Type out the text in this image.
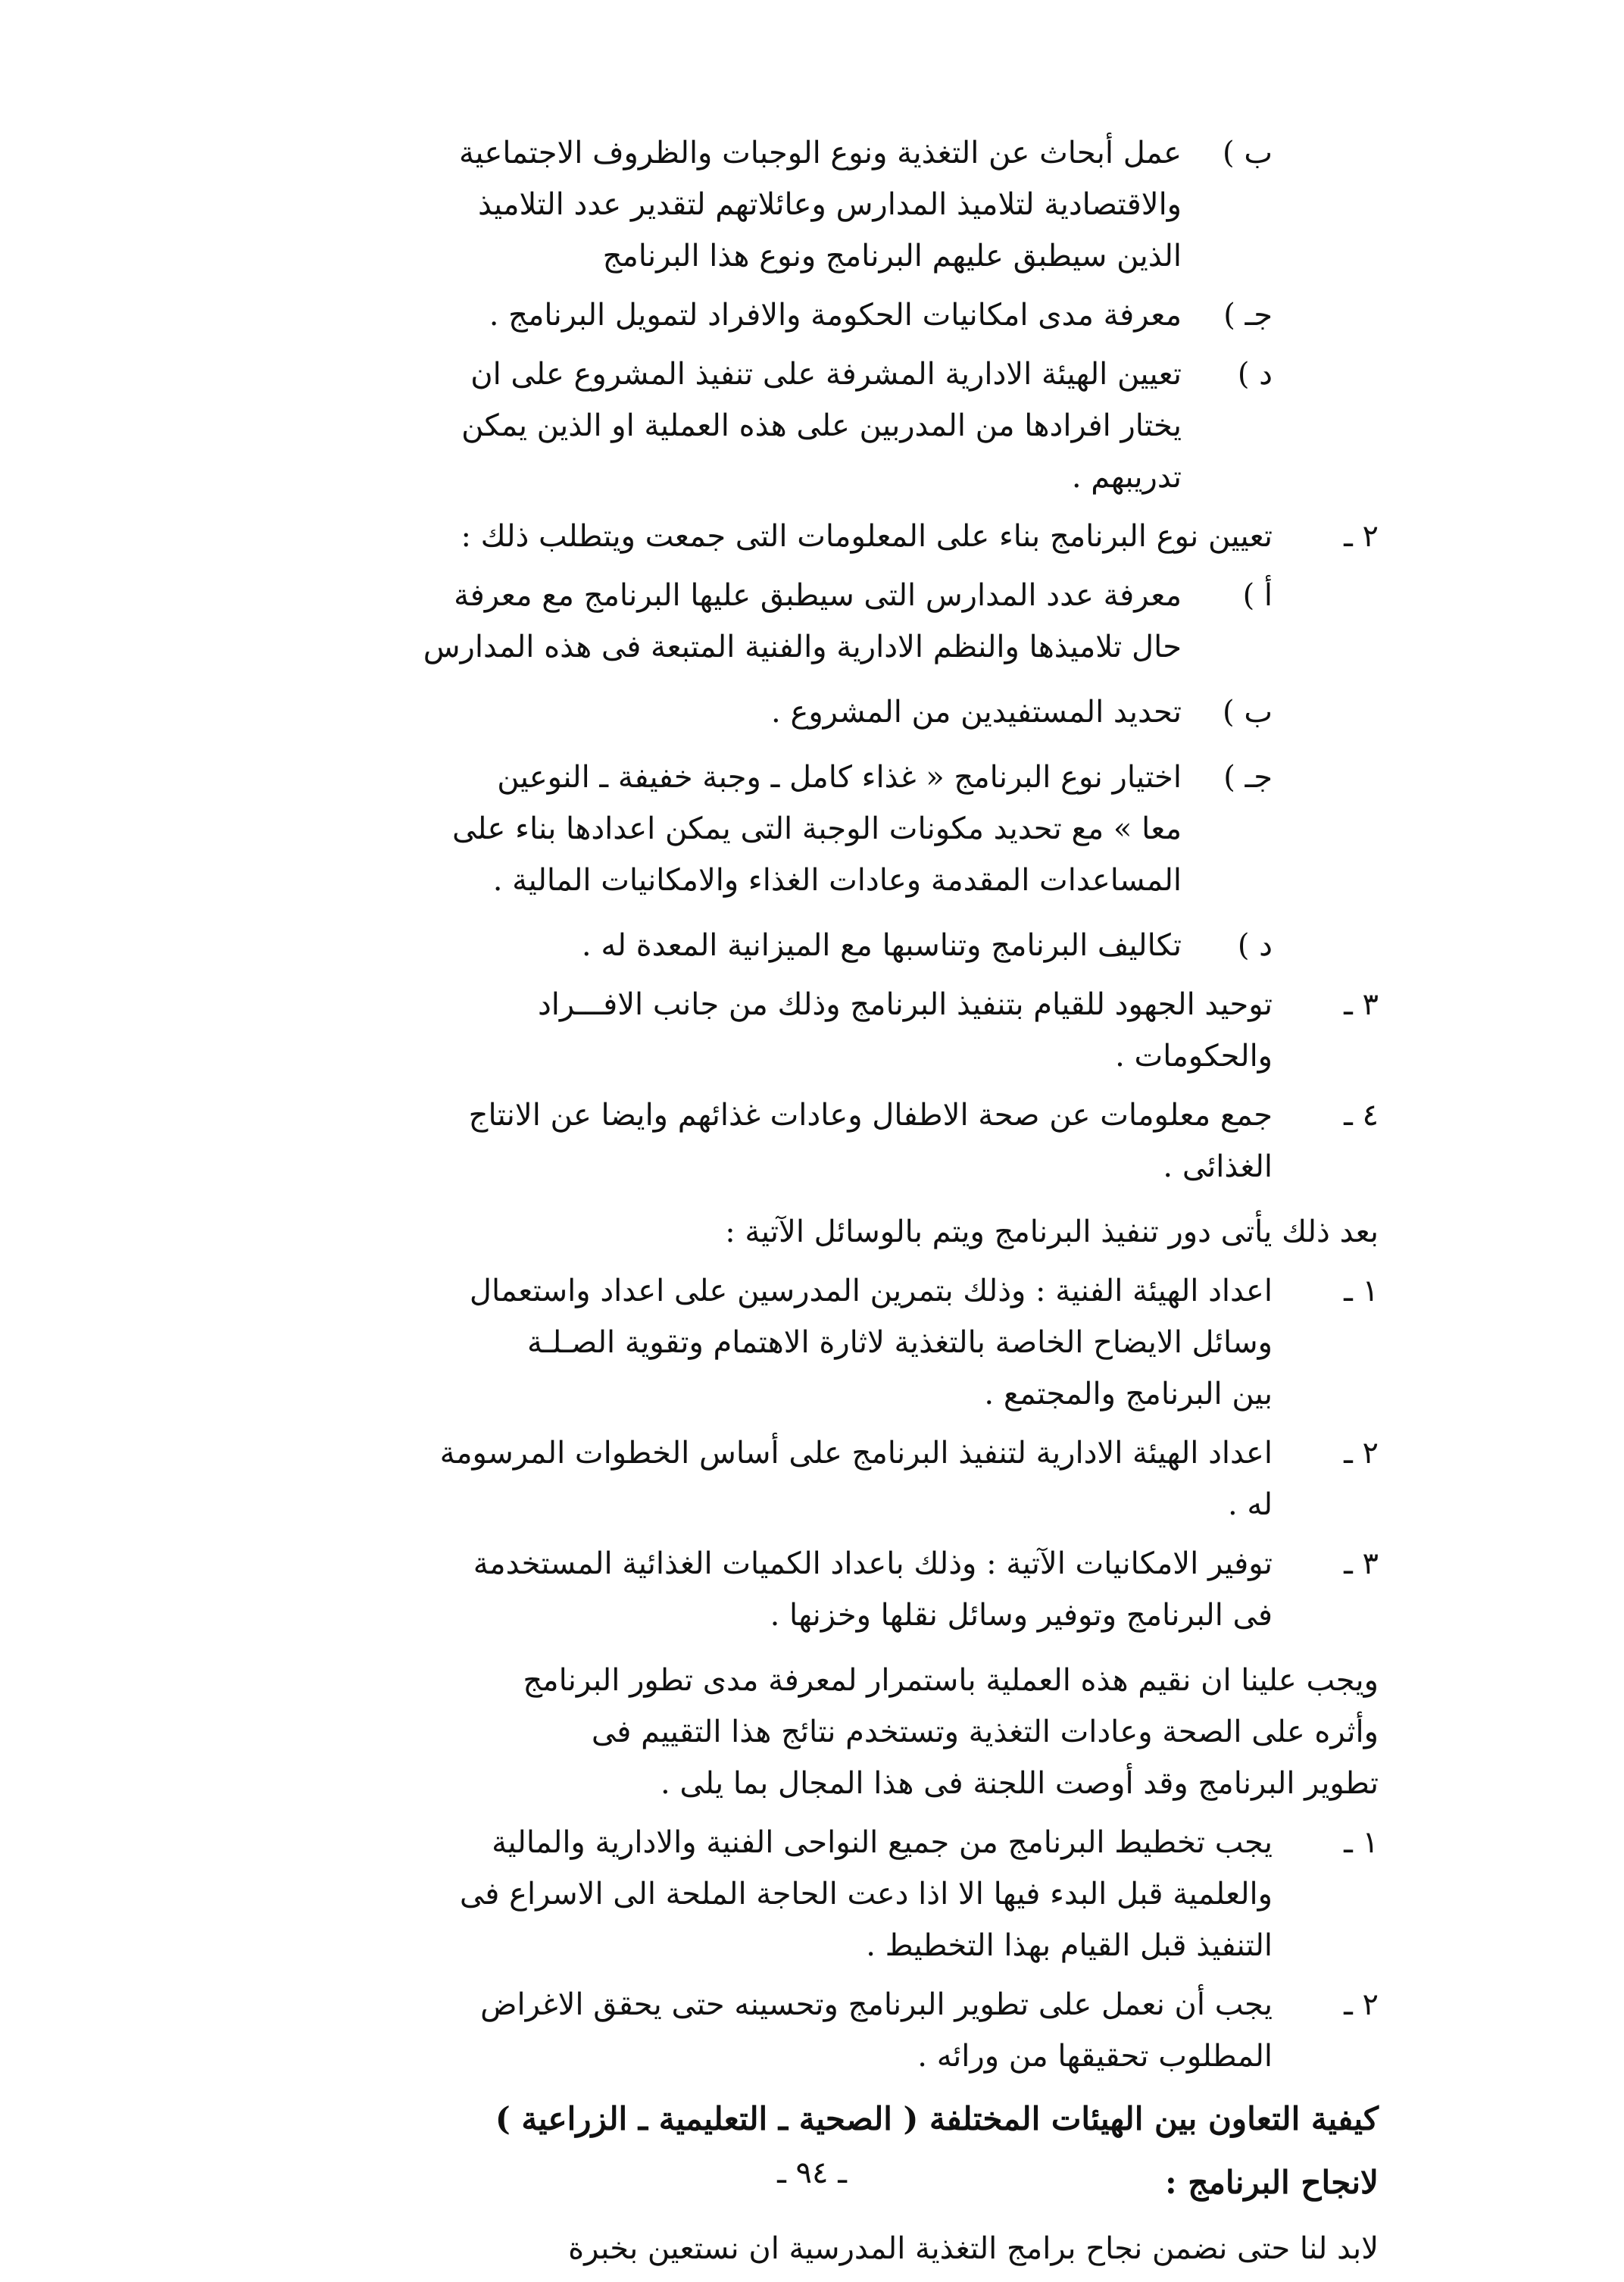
ب )
عمل أبحاث عن التغذية ونوع الوجبات والظروف الاجتماعية
والاقتصادية لتلاميذ المدارس وعائلاتهم لتقدير عدد التلاميذ
الذين سيطبق عليهم البرنامج ونوع هذا البرنامج
جـ )
معرفة مدى امكانيات الحكومة والافراد لتمويل البرنامج .
د )
تعيين الهيئة الادارية المشرفة على تنفيذ المشروع على ان
يختار افرادها من المدربين على هذه العملية او الذين يمكن
تدريبهم .
٢ ـ
تعيين نوع البرنامج بناء على المعلومات التى جمعت ويتطلب ذلك :
أ )
معرفة عدد المدارس التى سيطبق عليها البرنامج مع معرفة
حال تلاميذها والنظم الادارية والفنية المتبعة فى هذه المدارس
ب )
تحديد المستفيدين من المشروع .
جـ )
اختيار نوع البرنامج « غذاء كامل ـ وجبة خفيفة ـ النوعين
معا » مع تحديد مكونات الوجبة التى يمكن اعدادها بناء على
المساعدات المقدمة وعادات الغذاء والامكانيات المالية .
د )
تكاليف البرنامج وتناسبها مع الميزانية المعدة له .
٣ ـ
توحيد الجهود للقيام بتنفيذ البرنامج وذلك من جانب الافـــراد
والحكومات .
٤ ـ
جمع معلومات عن صحة الاطفال وعادات غذائهم وايضا عن الانتاج
الغذائى .
بعد ذلك يأتى دور تنفيذ البرنامج ويتم بالوسائل الآتية :
١ ـ
اعداد الهيئة الفنية : وذلك بتمرين المدرسين على اعداد واستعمال
وسائل الايضاح الخاصة بالتغذية لاثارة الاهتمام وتقوية الصـلـة
بين البرنامج والمجتمع .
٢ ـ
اعداد الهيئة الادارية لتنفيذ البرنامج على أساس الخطوات المرسومة
له .
٣ ـ
توفير الامكانيات الآتية : وذلك باعداد الكميات الغذائية المستخدمة
فى البرنامج وتوفير وسائل نقلها وخزنها .
ويجب علينا ان نقيم هذه العملية باستمرار لمعرفة مدى تطور البرنامج
وأثره على الصحة وعادات التغذية وتستخدم نتائج هذا التقييم فى
تطوير البرنامج وقد أوصت اللجنة فى هذا المجال بما يلى .
١ ـ
يجب تخطيط البرنامج من جميع النواحى الفنية والادارية والمالية
والعلمية قبل البدء فيها الا اذا دعت الحاجة الملحة الى الاسراع فى
التنفيذ قبل القيام بهذا التخطيط .
٢ ـ
يجب أن نعمل على تطوير البرنامج وتحسينه حتى يحقق الاغراض
المطلوب تحقيقها من ورائه .
كيفية التعاون بين الهيئات المختلفة ( الصحية ـ التعليمية ـ الزراعية )
لانجاح البرنامج :
لابد لنا حتى نضمن نجاح برامج التغذية المدرسية ان نستعين بخبرة
ـ ٩٤ ـ
